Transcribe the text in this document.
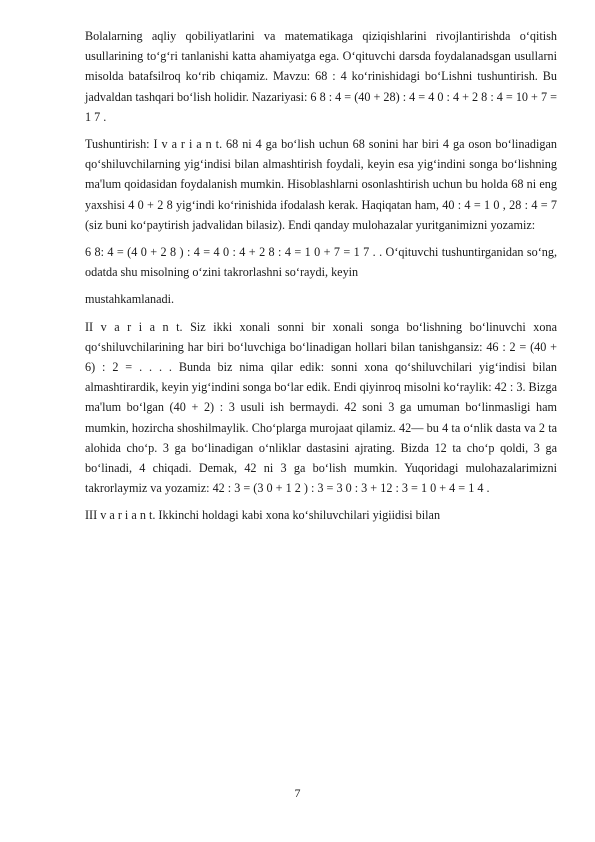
Bolalarning aqliy qobiliyatlarini va matematikaga qiziqishlarini rivojlantirishda o‘qitish usullarining to‘g‘ri tanlanishi katta ahamiyatga ega. O‘qituvchi darsda foydalanadsgan usullarni misolda batafsilroq ko‘rib chiqamiz. Mavzu: 68 : 4 ko‘rinishidagi bo‘Lishni tushuntirish. Bu jadvaldan tashqari bo‘lish holidir. Nazariyasi: 6 8 : 4 = (40 + 28) : 4 = 4 0 : 4 + 2 8 : 4 = 10 + 7 = 1 7 .

Tushuntirish: I v a r i a n t. 68 ni 4 ga bo‘lish uchun 68 sonini har biri 4 ga oson bo‘linadigan qo‘shiluvchilarning yig‘indisi bilan almashtirish foydali, keyin esa yig‘indini songa bo‘lishning ma'lum qoidasidan foydalanish mumkin. Hisoblashlarni osonlashtirish uchun bu holda 68 ni eng yaxshisi 4 0 + 2 8 yig‘indi ko‘rinishida ifodalash kerak. Haqiqatan ham, 40 : 4 = 1 0 , 28 : 4 = 7 (siz buni ko‘paytirish jadvalidan bilasiz). Endi qanday mulohazalar yuritganimizni yozamiz:

6 8: 4 = (4 0 + 2 8 ) : 4 = 4 0 : 4 + 2 8 : 4 = 1 0 + 7 = 1 7 . . O‘qituvchi tushuntirganidan so‘ng, odatda shu misolning o‘zini takrorlashni so‘raydi, keyin

mustahkamlanadi.

II v a r i a n t. Siz ikki xonali sonni bir xonali songa bo‘lishning bo‘linuvchi xona qo‘shiluvchilarining har biri bo‘luvchiga bo‘linadigan hollari bilan tanishgansiz: 46 : 2 = (40 + 6) : 2 = . . . . Bunda biz nima qilar edik: sonni xona qo‘shiluvchilari yig‘indisi bilan almashtirardik, keyin yig‘indini songa bo‘lar edik. Endi qiyinroq misolni ko‘raylik: 42 : 3. Bizga ma'lum bo‘lgan (40 + 2) : 3 usuli ish bermaydi. 42 soni 3 ga umuman bo‘linmasligi ham mumkin, hozircha shoshilmaylik. Cho‘plarga murojaat qilamiz. 42— bu 4 ta o‘nlik dasta va 2 ta alohida cho‘p. 3 ga bo‘linadigan o‘nliklar dastasini ajrating. Bizda 12 ta cho‘p qoldi, 3 ga bo‘linadi, 4 chiqadi. Demak, 42 ni 3 ga bo‘lish mumkin. Yuqoridagi mulohazalarimizni takrorlaymiz va yozamiz: 42 : 3 = (3 0 + 1 2 ) : 3 = 3 0 : 3 + 12 : 3 = 1 0 + 4 = 1 4 .

III v a r i a n t. Ikkinchi holdagi kabi xona ko‘shiluvchilari yigiidisi bilan

7
